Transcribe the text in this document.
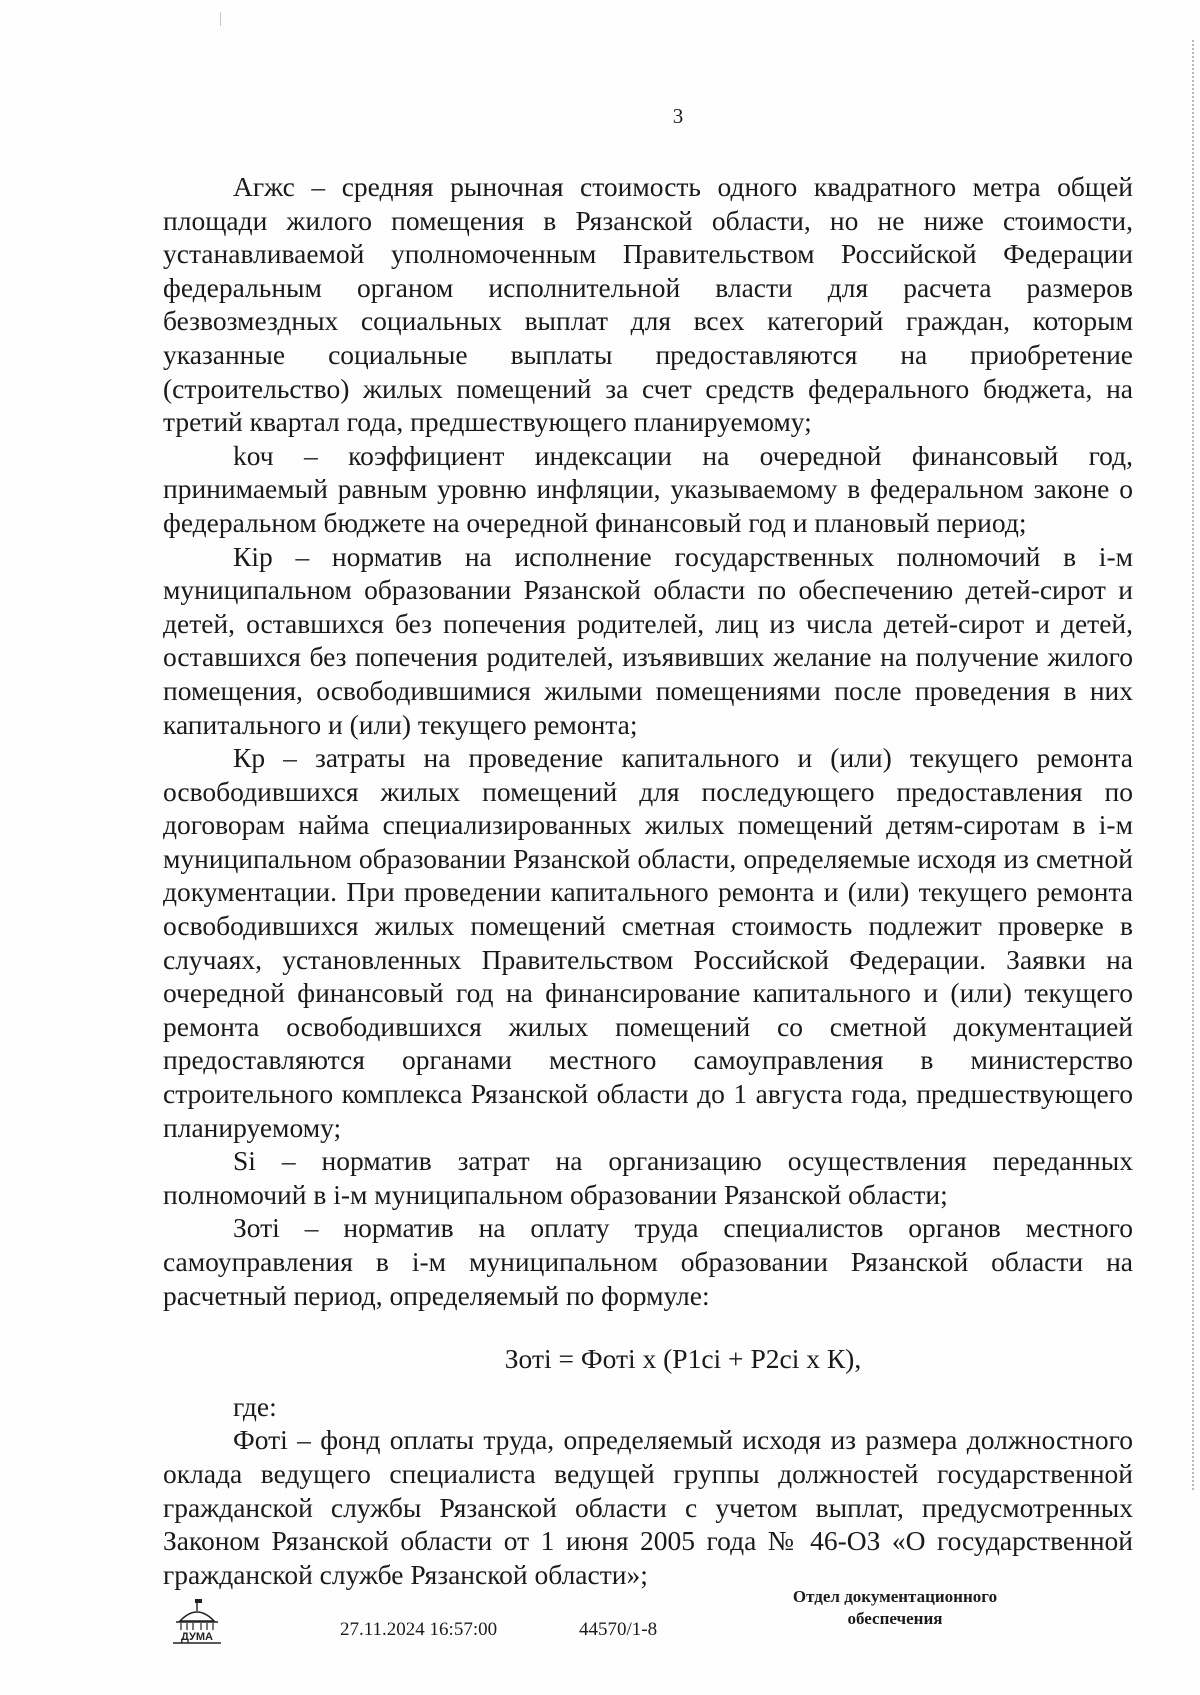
3

Агжс – средняя рыночная стоимость одного квадратного метра общей площади жилого помещения в Рязанской области, но не ниже стоимости, устанавливаемой уполномоченным Правительством Российской Федерации федеральным органом исполнительной власти для расчета размеров безвозмездных социальных выплат для всех категорий граждан, которым указанные социальные выплаты предоставляются на приобретение (строительство) жилых помещений за счет средств федерального бюджета, на третий квартал года, предшествующего планируемому;

kоч – коэффициент индексации на очередной финансовый год, принимаемый равным уровню инфляции, указываемому в федеральном законе о федеральном бюджете на очередной финансовый год и плановый период;

Кiр – норматив на исполнение государственных полномочий в i-м муниципальном образовании Рязанской области по обеспечению детей-сирот и детей, оставшихся без попечения родителей, лиц из числа детей-сирот и детей, оставшихся без попечения родителей, изъявивших желание на получение жилого помещения, освободившимися жилыми помещениями после проведения в них капитального и (или) текущего ремонта;

Кр – затраты на проведение капитального и (или) текущего ремонта освободившихся жилых помещений для последующего предоставления по договорам найма специализированных жилых помещений детям-сиротам в i-м муниципальном образовании Рязанской области, определяемые исходя из сметной документации. При проведении капитального ремонта и (или) текущего ремонта освободившихся жилых помещений сметная стоимость подлежит проверке в случаях, установленных Правительством Российской Федерации. Заявки на очередной финансовый год на финансирование капитального и (или) текущего ремонта освободившихся жилых помещений со сметной документацией предоставляются органами местного самоуправления в министерство строительного комплекса Рязанской области до 1 августа года, предшествующего планируемому;

Si – норматив затрат на организацию осуществления переданных полномочий в i-м муниципальном образовании Рязанской области;

Зотi – норматив на оплату труда специалистов органов местного самоуправления в i-м муниципальном образовании Рязанской области на расчетный период, определяемый по формуле:

Зотi = Фотi х (Р1сi + Р2сi х К),

где:

Фотi – фонд оплаты труда, определяемый исходя из размера должностного оклада ведущего специалиста ведущей группы должностей государственной гражданской службы Рязанской области с учетом выплат, предусмотренных Законом Рязанской области от 1 июня 2005 года № 46-ОЗ «О государственной гражданской службе Рязанской области»;

ДУМА	27.11.2024 16:57:00	44570/1-8
Отдел документационного
обеспечения
